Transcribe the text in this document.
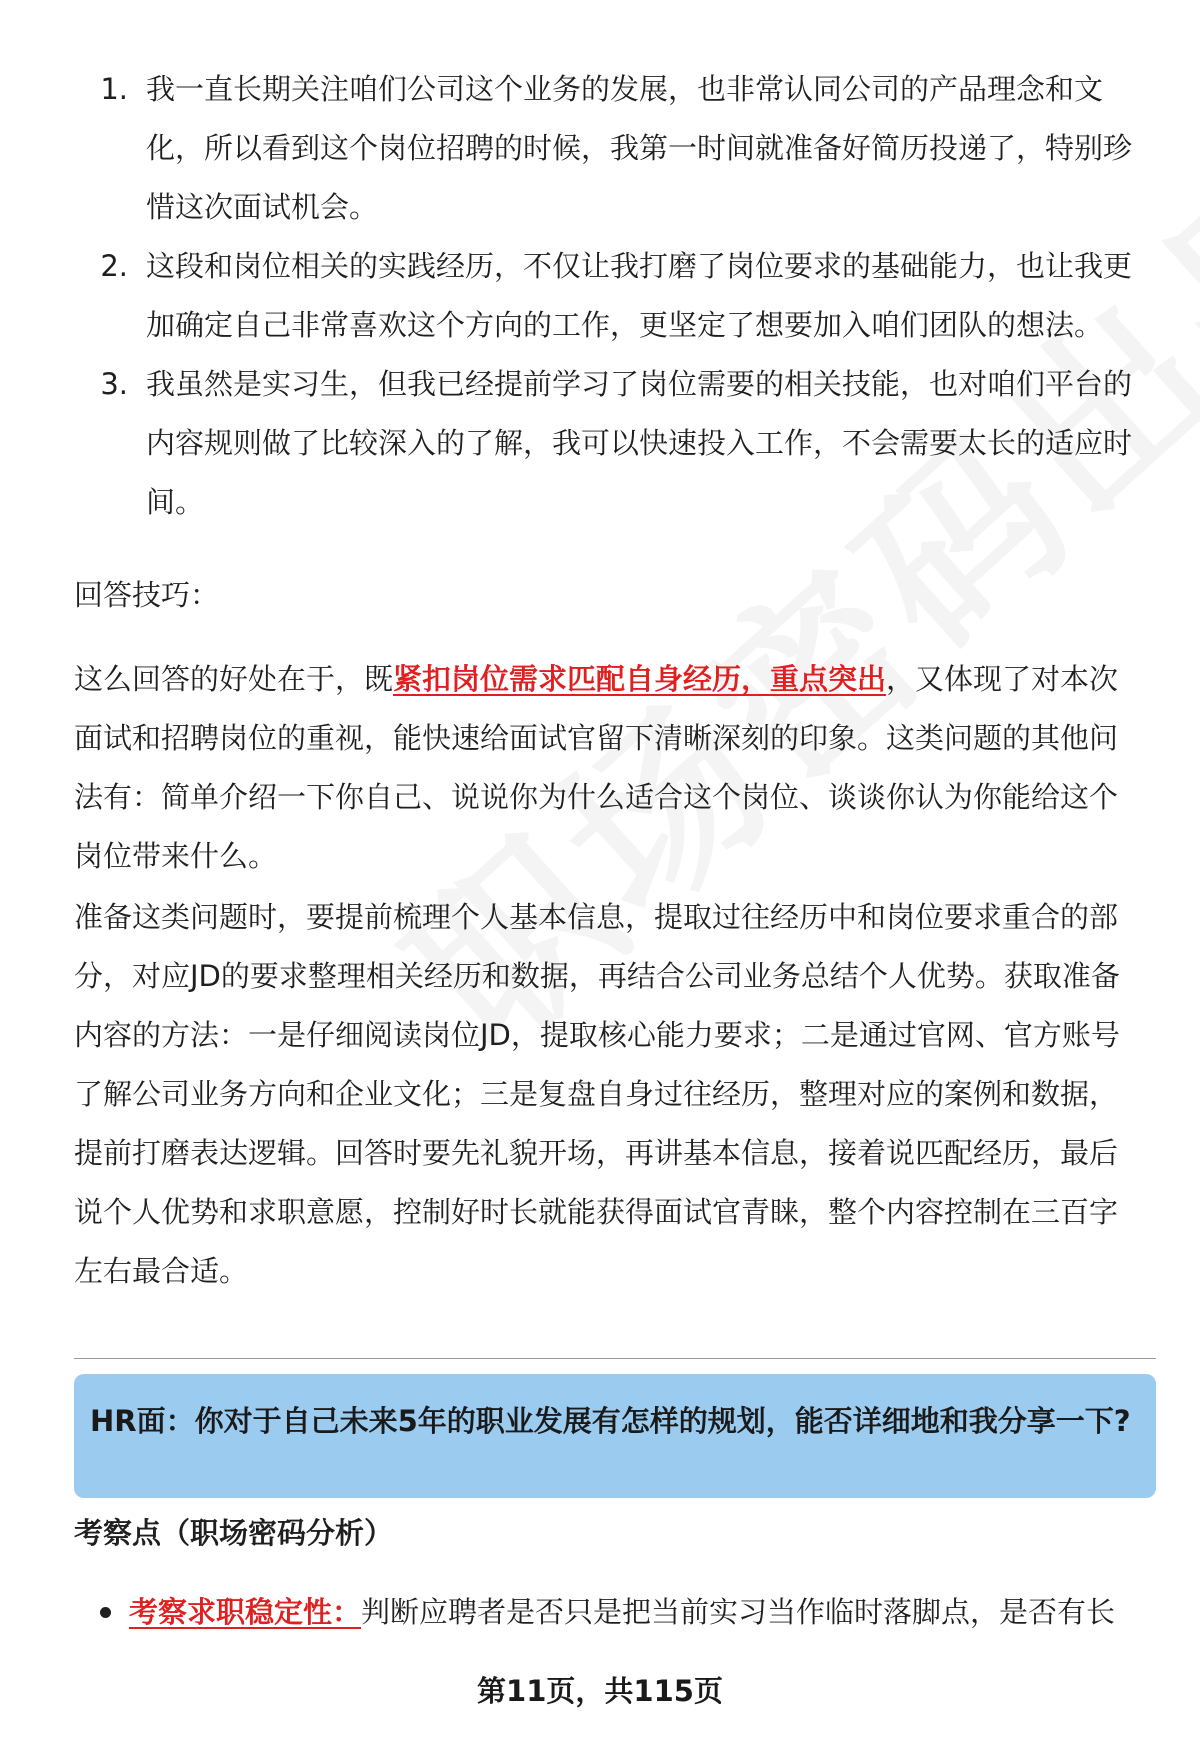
1. 我一直长期关注咱们公司这个业务的发展，也非常认同公司的产品理念和文化，所以看到这个岗位招聘的时候，我第一时间就准备好简历投递了，特别珍惜这次面试机会。
2. 这段和岗位相关的实践经历，不仅让我打磨了岗位要求的基础能力，也让我更加确定自己非常喜欢这个方向的工作，更坚定了想要加入咱们团队的想法。
3. 我虽然是实习生，但我已经提前学习了岗位需要的相关技能，也对咱们平台的内容规则做了比较深入的了解，我可以快速投入工作，不会需要太长的适应时间。

回答技巧：

这么回答的好处在于，既紧扣岗位需求匹配自身经历，重点突出，又体现了对本次面试和招聘岗位的重视，能快速给面试官留下清晰深刻的印象。这类问题的其他问法有：简单介绍一下你自己、说说你为什么适合这个岗位、谈谈你认为你能给这个岗位带来什么。

准备这类问题时，要提前梳理个人基本信息，提取过往经历中和岗位要求重合的部分，对应JD的要求整理相关经历和数据，再结合公司业务总结个人优势。获取准备内容的方法：一是仔细阅读岗位JD，提取核心能力要求；二是通过官网、官方账号了解公司业务方向和企业文化；三是复盘自身过往经历，整理对应的案例和数据，提前打磨表达逻辑。回答时要先礼貌开场，再讲基本信息，接着说匹配经历，最后说个人优势和求职意愿，控制好时长就能获得面试官青睐，整个内容控制在三百字左右最合适。

HR面：你对于自己未来5年的职业发展有怎样的规划，能否详细地和我分享一下?
考察点（职场密码分析）
考察求职稳定性：判断应聘者是否只是把当前实习当作临时落脚点，是否有长
第11页，共115页
